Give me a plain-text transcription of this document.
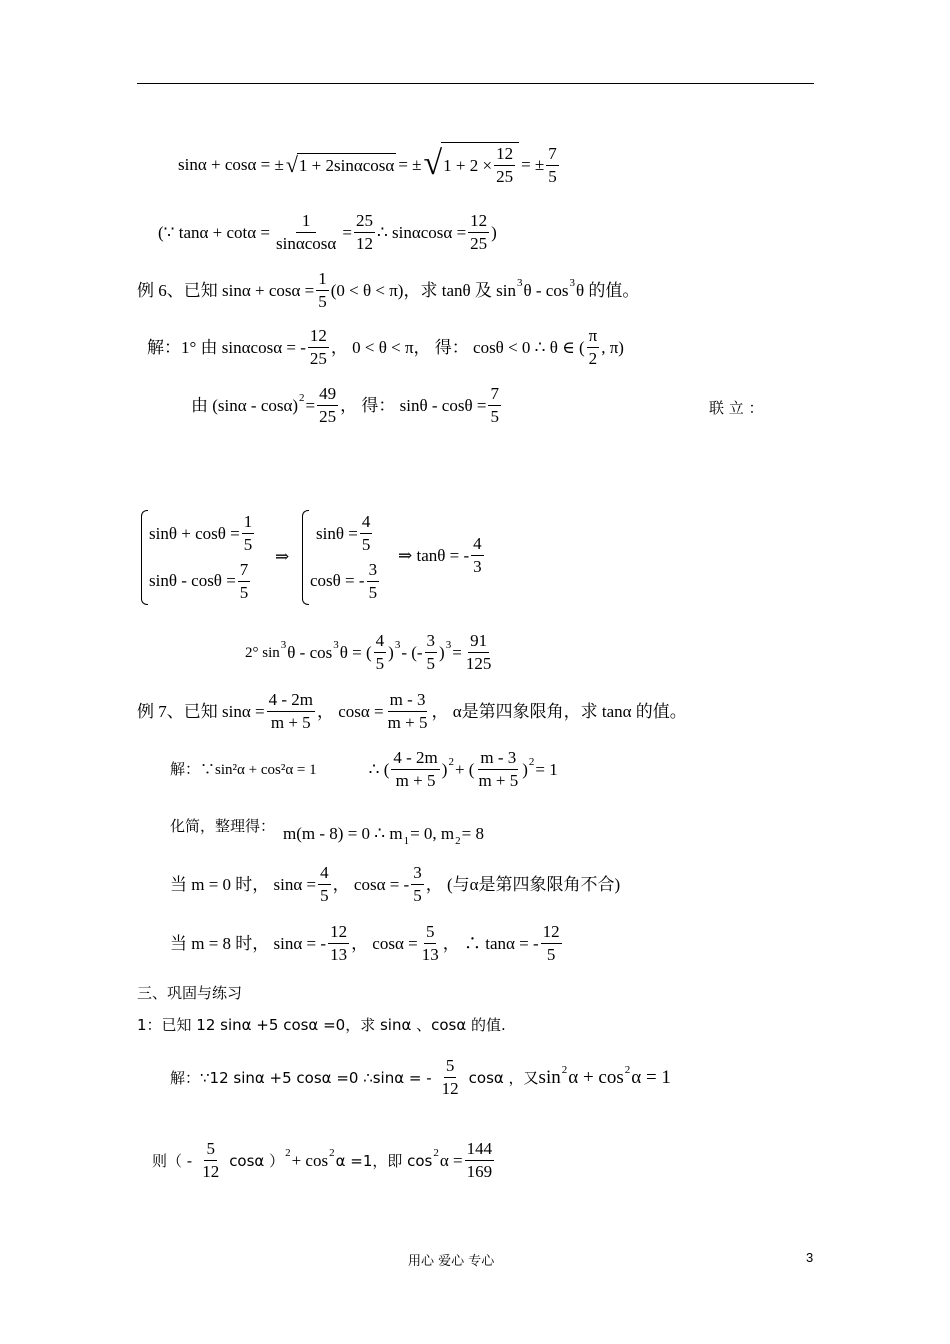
sinα + cosα = ± √ 1 + 2sinαcosα = ± √ $1 + 2 \times \frac{12}{25}$ = ± $\frac{7}{5}$
(∵ $\tan\alpha + \cot\alpha = \frac{1}{\sin\alpha\cos\alpha} = \frac{25}{12}$ ∴ $\sin\alpha\cos\alpha = \frac{12}{25}$ )
例 6、已知 $\sin\alpha + \cos\alpha = \frac{1}{5} (0 < \theta < \pi)$，求 tanθ 及 sin 3 θ - cos 3 θ 的值。
解：1° 由 sinαcosα = - $\frac{12}{25}$ ， 0 < θ < π， 得： cosθ < 0 ∴ θ ∈ ( $\frac{\pi}{2}$ , π)
由 (sinα - cosα) $2 = \frac{49}{25}$ ， 得： $\sin\theta - \cos\theta = \frac{7}{5}$	联 立 ：
$\sin\theta + \cos\theta = \frac{1}{5}$
$\sin\theta - \cos\theta = \frac{7}{5}$
⇒
$\sin\theta = \frac{4}{5}$
cosθ = - $\frac{3}{5}$
⇒ tanθ = - $\frac{4}{3}$
2° sin 3 θ - cos 3 θ = ( $\frac{4}{5}$ ) 3 - (- $\frac{3}{5}$ ) $3 = \frac{91}{125}$
例 7、已知 $\sin\alpha = \frac{4 - 2m}{m + 5}$ ， $\cos\alpha = \frac{m - 3}{m + 5}$ ， α是第四象限角，求 tanα 的值。
解：∵sin²α + cos²α = 1	∴ ( $\frac{4 - 2m}{m + 5}$ ) 2 + ( $\frac{m - 3}{m + 5}$ ) 2 = 1
化简，整理得： m(m - 8) = 0 ∴ m 1 = 0, m 2 = 8
当 m = 0 时， $\sin\alpha = \frac{4}{5}$ ， cosα = - $\frac{3}{5}$ ， (与α是第四象限角不合)
当 m = 8 时， sinα = - $\frac{12}{13}$ ， $\cos\alpha = \frac{5}{13}$ ， ∴ tanα = - $\frac{12}{5}$
三、巩固与练习
1：已知 12 sinα +5 cosα =0，求 sinα 、cosα 的值.
解：∵12 sinα +5 cosα =0 ∴sinα = - $\frac{5}{12}$ cosα ，又 sin 2 α + cos 2 α = 1
则（ - $\frac{5}{12}$ cosα ） 2 + cos 2 α =1，即 cos 2 $\alpha = \frac{144}{169}$
用心 爱心 专心	3
